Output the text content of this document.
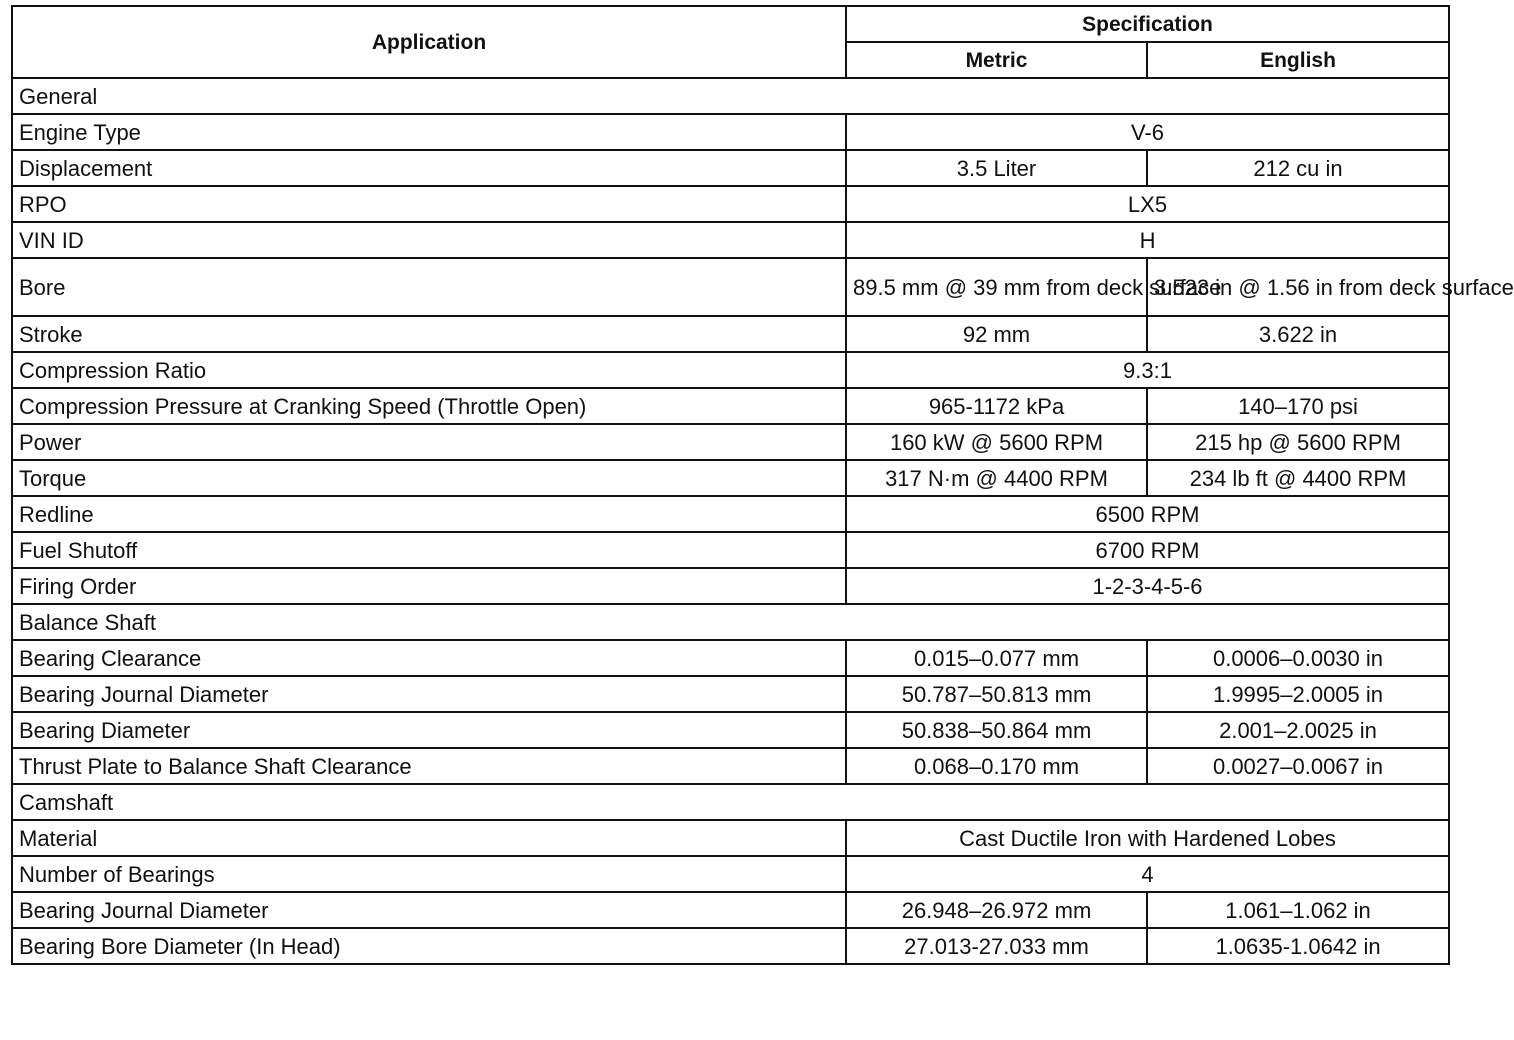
Application	Specification	
	Metric	English
General		
Engine Type	V-6	
Displacement	3.5 Liter	212 cu in
RPO	LX5	
VIN ID	H	
Bore	89.5 mm @ 39 mm from deck surface	3.523 in @ 1.56 in from deck surface
Stroke	92 mm	3.622 in
Compression Ratio	9.3:1	
Compression Pressure at Cranking Speed (Throttle Open)	965-1172 kPa	140–170 psi
Power	160 kW @ 5600 RPM	215 hp @ 5600 RPM
Torque	317 N·m @ 4400 RPM	234 lb ft @ 4400 RPM
Redline	6500 RPM	
Fuel Shutoff	6700 RPM	
Firing Order	1-2-3-4-5-6	
Balance Shaft		
Bearing Clearance	0.015–0.077 mm	0.0006–0.0030 in
Bearing Journal Diameter	50.787–50.813 mm	1.9995–2.0005 in
Bearing Diameter	50.838–50.864 mm	2.001–2.0025 in
Thrust Plate to Balance Shaft Clearance	0.068–0.170 mm	0.0027–0.0067 in
Camshaft		
Material	Cast Ductile Iron with Hardened Lobes	
Number of Bearings	4	
Bearing Journal Diameter	26.948–26.972 mm	1.061–1.062 in
Bearing Bore Diameter (In Head)	27.013-27.033 mm	1.0635-1.0642 in
